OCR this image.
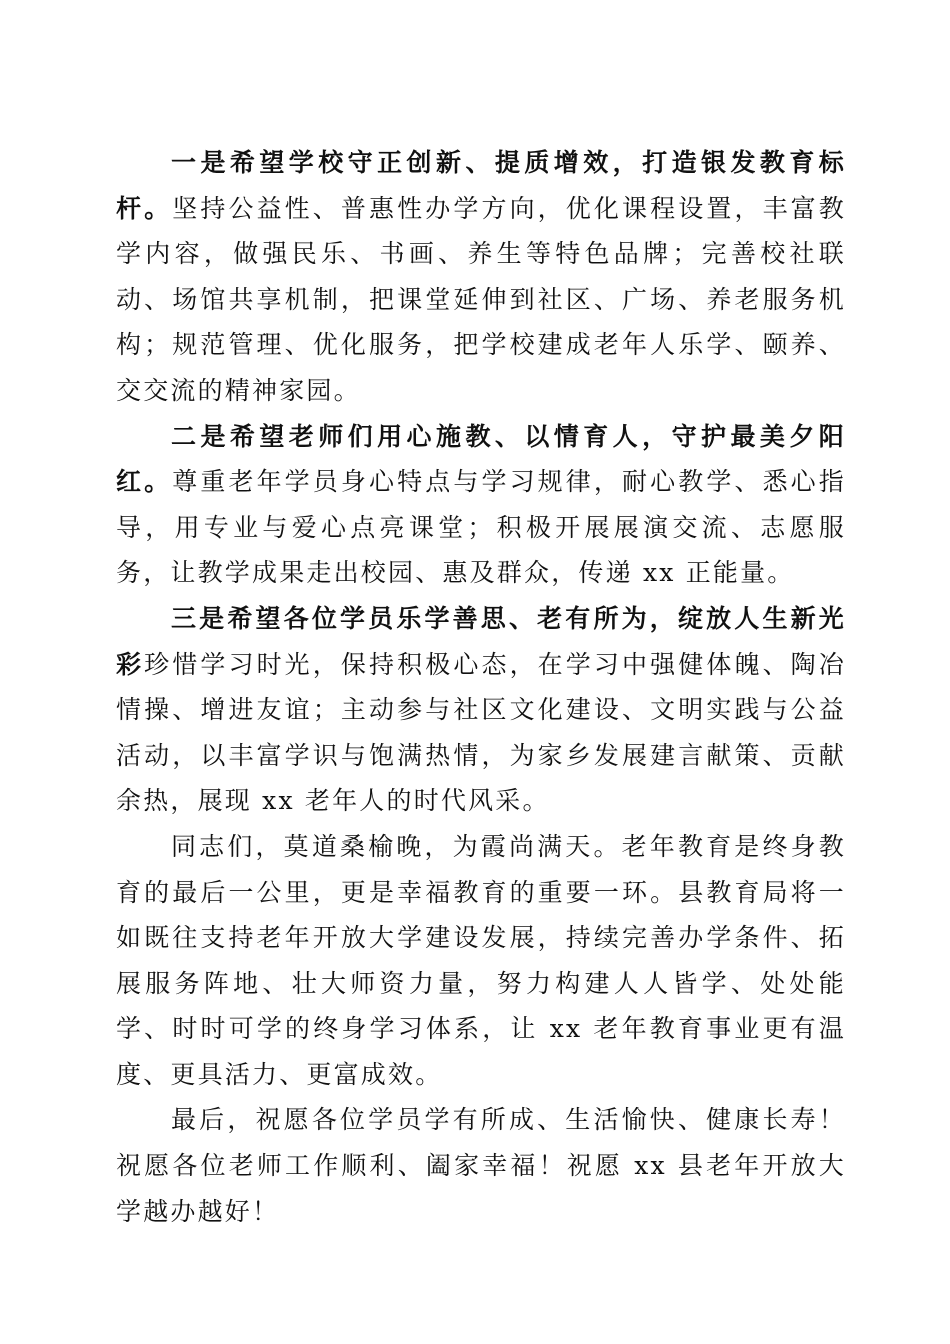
一是希望学校守正创新、提质增效，打造银发教育标杆。坚持公益性、普惠性办学方向，优化课程设置，丰富教学内容，做强民乐、书画、养生等特色品牌；完善校社联动、场馆共享机制，把课堂延伸到社区、广场、养老服务机构；规范管理、优化服务，把学校建成老年人乐学、颐养、交交流的精神家园。

二是希望老师们用心施教、以情育人，守护最美夕阳红。尊重老年学员身心特点与学习规律，耐心教学、悉心指导，用专业与爱心点亮课堂；积极开展展演交流、志愿服务，让教学成果走出校园、惠及群众，传递 xx 正能量。

三是希望各位学员乐学善思、老有所为，绽放人生新光彩珍惜学习时光，保持积极心态，在学习中强健体魄、陶冶情操、增进友谊；主动参与社区文化建设、文明实践与公益活动，以丰富学识与饱满热情，为家乡发展建言献策、贡献余热，展现 xx 老年人的时代风采。

同志们，莫道桑榆晚，为霞尚满天。老年教育是终身教育的最后一公里，更是幸福教育的重要一环。县教育局将一如既往支持老年开放大学建设发展，持续完善办学条件、拓展服务阵地、壮大师资力量，努力构建人人皆学、处处能学、时时可学的终身学习体系，让 xx 老年教育事业更有温度、更具活力、更富成效。

最后，祝愿各位学员学有所成、生活愉快、健康长寿！祝愿各位老师工作顺利、阖家幸福！祝愿 xx 县老年开放大学越办越好！
